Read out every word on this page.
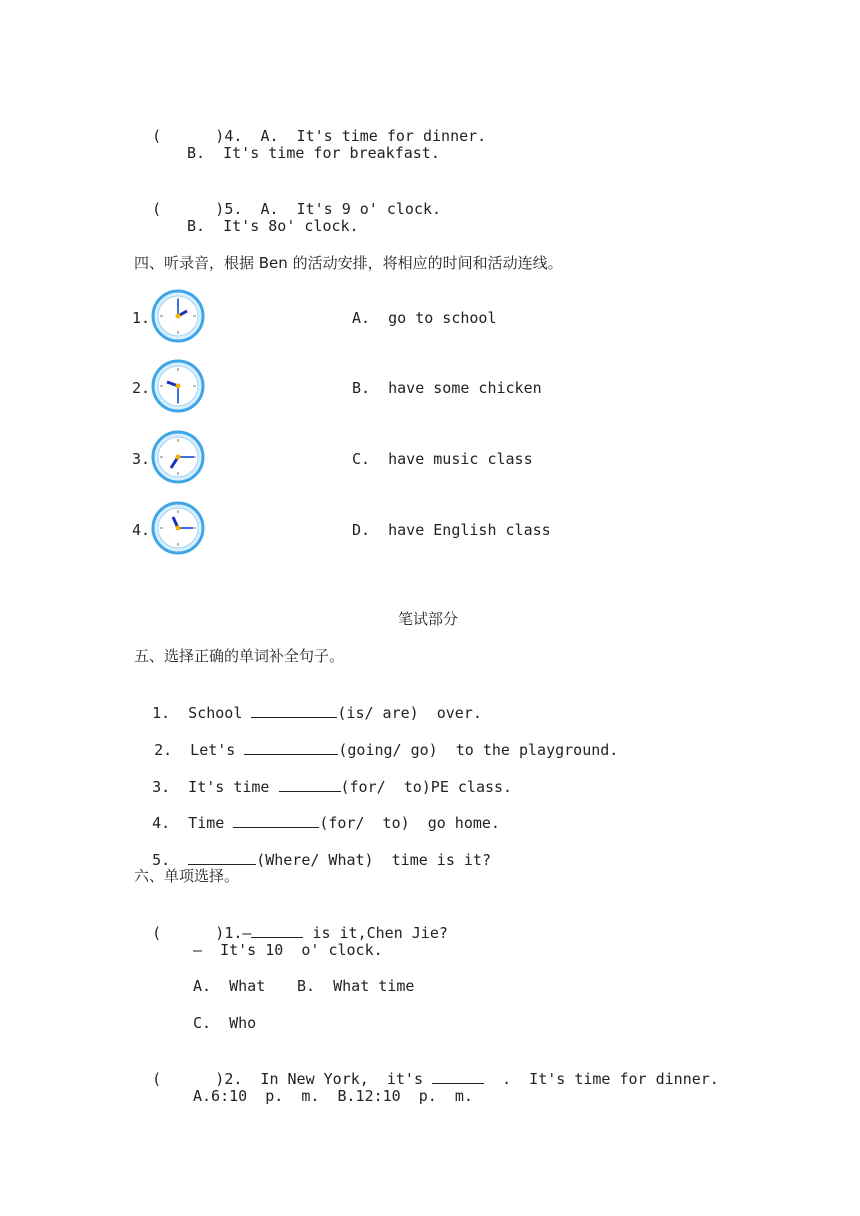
(      )4. A.  It's time for dinner.

B.  It's time for breakfast.

(      )5. A.  It's 9 o' clock.

B.  It's 8o' clock.
四、听录音，根据 Ben 的活动安排，将相应的时间和活动连线。
1.	A.  go to school
2.	B.  have some chicken
3.	C.  have music class
4.	D.  have English class
笔试部分
五、选择正确的单词补全句子。

1.  School	(is/ are)  over.

2.  Let's	(going/ go)  to the playground.

3.  It's time	(for/  to)PE class.

4.  Time	(for/  to)  go home.

5.	(Where/ What)  time is it?

六、单项选择。

(      )1.—	is it,Chen Jie?

—  It's 10  o' clock.
A.  What B.  What time
C.  Who

(      )2.  In New York,  it's	.  It's time for dinner.

A.6:10  p.  m.  B.12:10  p.  m.
